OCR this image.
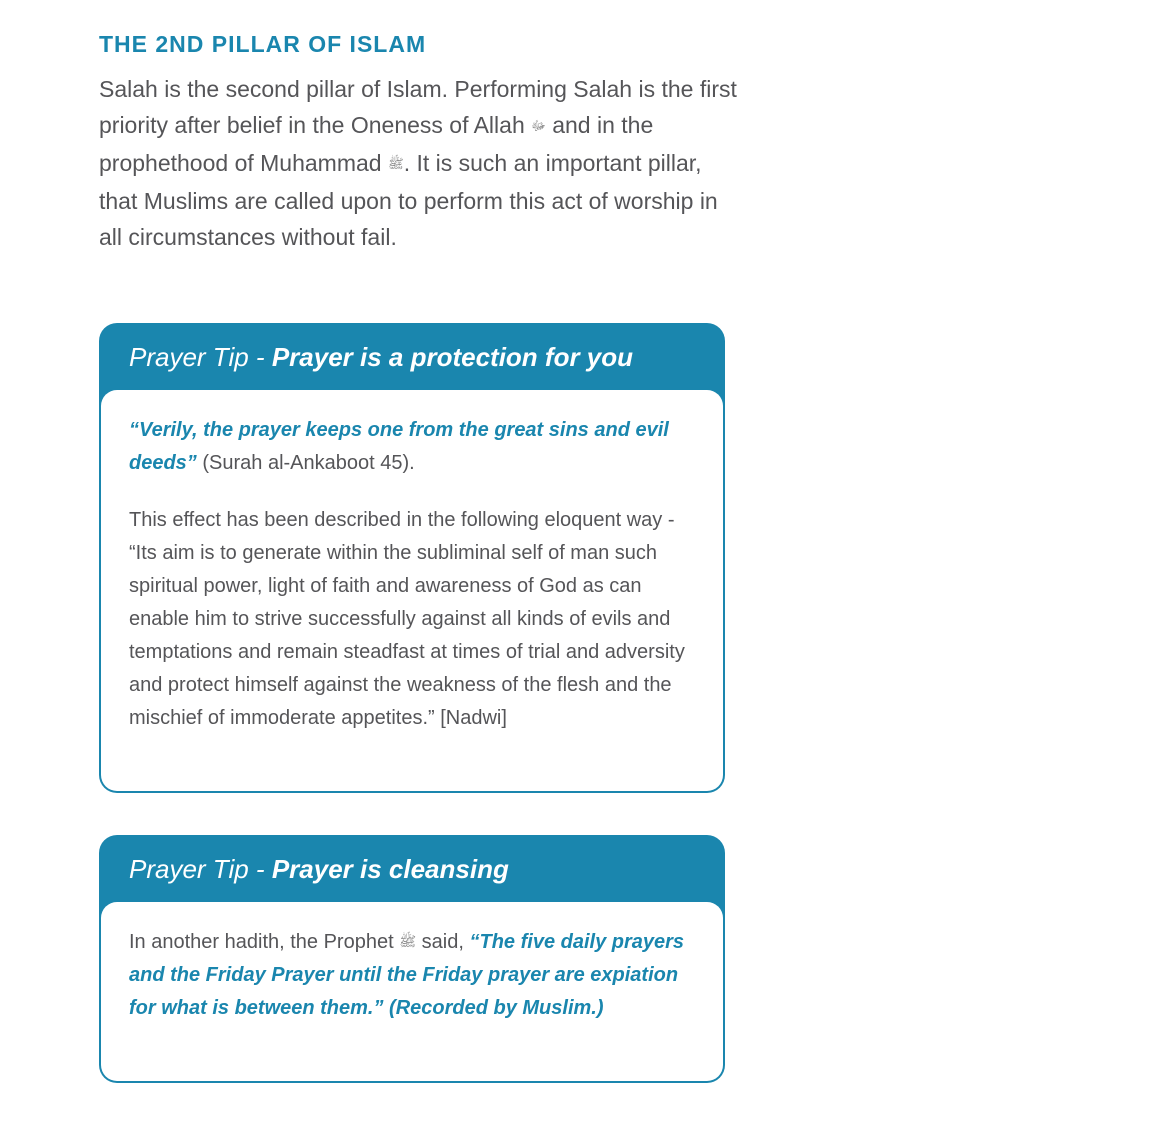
THE 2ND PILLAR OF ISLAM

Salah is the second pillar of Islam. Performing Salah is the first priority after belief in the Oneness of Allah ﷻ and in the prophethood of Muhammad ﷺ. It is such an important pillar, that Muslims are called upon to perform this act of worship in all circumstances without fail.

Prayer Tip - Prayer is a protection for you

“Verily, the prayer keeps one from the great sins and evil deeds” (Surah al-Ankaboot 45).

This effect has been described in the following eloquent way - “Its aim is to generate within the subliminal self of man such spiritual power, light of faith and awareness of God as can enable him to strive successfully against all kinds of evils and temptations and remain steadfast at times of trial and adversity and protect himself against the weakness of the flesh and the mischief of immoderate appetites.” [Nadwi]

Prayer Tip - Prayer is cleansing

In another hadith, the Prophet ﷺ said, “The five daily prayers and the Friday Prayer until the Friday prayer are expiation for what is between them.” (Recorded by Muslim.)
